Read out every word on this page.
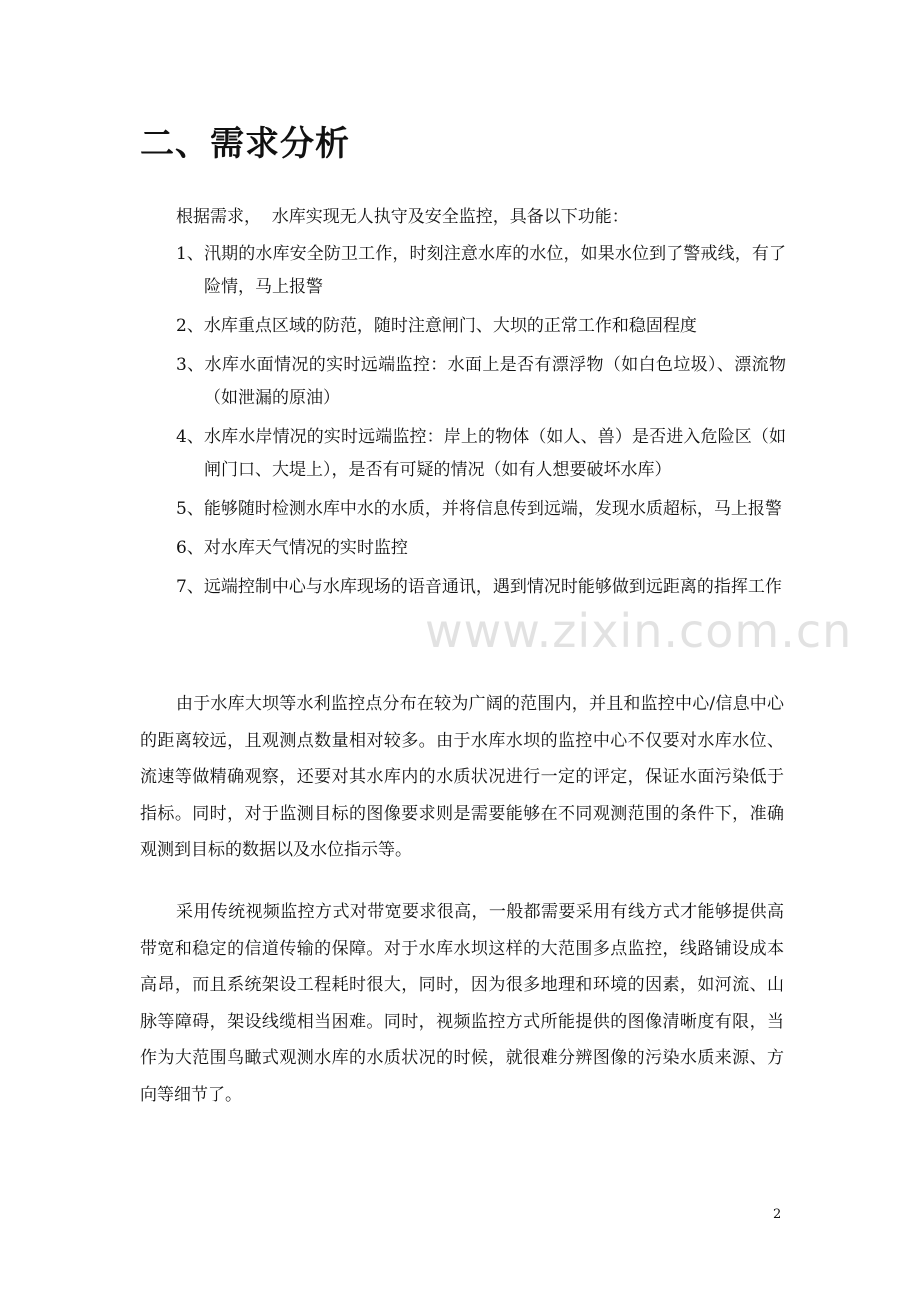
二、需求分析

根据需求，  水库实现无人执守及安全监控，具备以下功能：

1、汛期的水库安全防卫工作，时刻注意水库的水位，如果水位到了警戒线，有了险情，马上报警
2、水库重点区域的防范，随时注意闸门、大坝的正常工作和稳固程度
3、水库水面情况的实时远端监控：水面上是否有漂浮物（如白色垃圾）、漂流物（如泄漏的原油）
4、水库水岸情况的实时远端监控：岸上的物体（如人、兽）是否进入危险区（如闸门口、大堤上），是否有可疑的情况（如有人想要破坏水库）
5、能够随时检测水库中水的水质，并将信息传到远端，发现水质超标，马上报警
6、对水库天气情况的实时监控
7、远端控制中心与水库现场的语音通讯，遇到情况时能够做到远距离的指挥工作

由于水库大坝等水利监控点分布在较为广阔的范围内，并且和监控中心/信息中心的距离较远，且观测点数量相对较多。由于水库水坝的监控中心不仅要对水库水位、流速等做精确观察，还要对其水库内的水质状况进行一定的评定，保证水面污染低于指标。同时，对于监测目标的图像要求则是需要能够在不同观测范围的条件下，准确观测到目标的数据以及水位指示等。

采用传统视频监控方式对带宽要求很高，一般都需要采用有线方式才能够提供高带宽和稳定的信道传输的保障。对于水库水坝这样的大范围多点监控，线路铺设成本高昂，而且系统架设工程耗时很大，同时，因为很多地理和环境的因素，如河流、山脉等障碍，架设线缆相当困难。同时，视频监控方式所能提供的图像清晰度有限，当作为大范围鸟瞰式观测水库的水质状况的时候，就很难分辨图像的污染水质来源、方向等细节了。

www.zixin.com.cn
2
